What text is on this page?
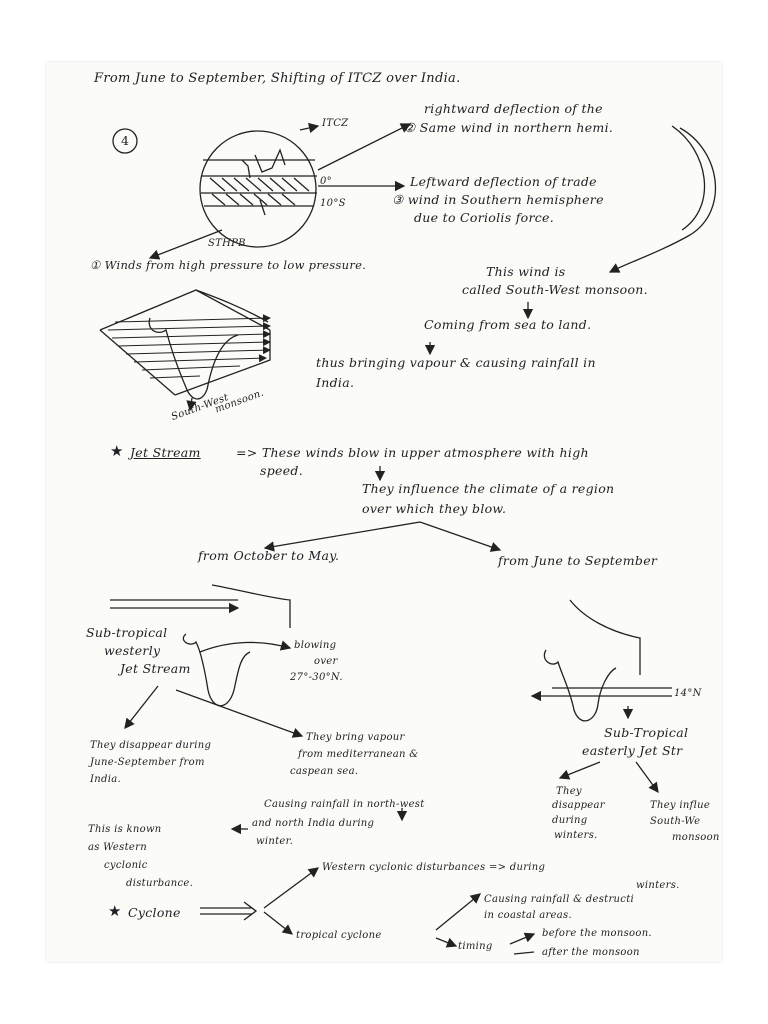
From June to September, Shifting of ITCZ over India.
4
ITCZ
0°
10°S
STHPB
rightward deflection of the
② Same wind in northern hemi.
Leftward deflection of trade
③ wind in Southern hemisphere
due to Coriolis force.
① Winds from high pressure to low pressure.	This wind is
called South-West monsoon.
Coming from sea to land.
thus bringing vapour & causing rainfall in
India.
South-West
monsoon.
★ Jet Stream	=> These winds blow in upper atmosphere with high
speed.
They influence the climate of a region
over which they blow.
from October to May.	from June to September
Sub-tropical
westerly
Jet Stream
blowing
over
27°-30°N.
14°N
Sub-Tropical
easterly Jet Str
They disappear during
June-September from
India.
They bring vapour
from mediterranean &
caspean sea.
Causing rainfall in north-west
and north India during
winter.
This is known
as Western
cyclonic
disturbance.
They
disappear
during
winters.
They influe
South-We
monsoon
★ Cyclone
Western cyclonic disturbances => during
winters.
tropical cyclone
Causing rainfall & destructi
in coastal areas.
timing
before the monsoon.
after the monsoon
